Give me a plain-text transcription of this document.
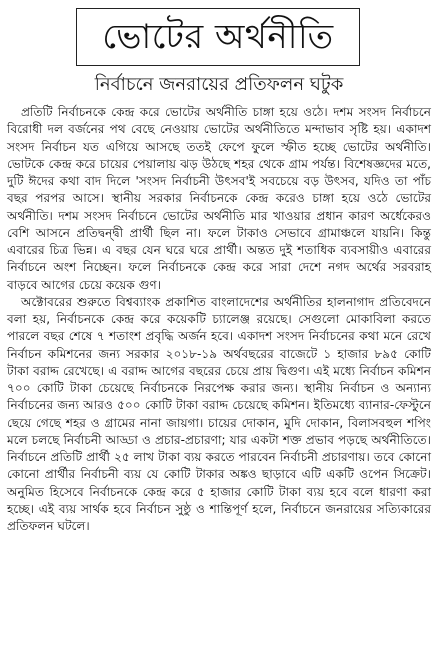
ভোটের অর্থনীতি
নির্বাচনে জনরায়ের প্রতিফলন ঘটুক

প্রতিটি নির্বাচনকে কেন্দ্র করে ভোটের অর্থনীতি চাঙ্গা হয়ে ওঠে। দশম সংসদ নির্বাচনে বিরোধী দল বর্জনের পথ বেছে নেওয়ায় ভোটের অর্থনীতিতে মন্দাভাব সৃষ্টি হয়। একাদশ সংসদ নির্বাচন যত এগিয়ে আসছে ততই ফেপে ফুলে স্ফীত হচ্ছে ভোটের অর্থনীতি। ভোটকে কেন্দ্র করে চায়ের পেয়ালায় ঝড় উঠছে শহর থেকে গ্রাম পর্যন্ত। বিশেষজ্ঞদের মতে, দুটি ঈদের কথা বাদ দিলে 'সংসদ নির্বাচনী উৎসব'ই সবচেয়ে বড় উৎসব, যদিও তা পাঁচ বছর পরপর আসে। স্থানীয় সরকার নির্বাচনকে কেন্দ্র করেও চাঙ্গা হয়ে ওঠে ভোটের অর্থনীতি। দশম সংসদ নির্বাচনে ভোটের অর্থনীতি মার খাওয়ার প্রধান কারণ অর্ধেকেরও বেশি আসনে প্রতিদ্বন্দ্বী প্রার্থী ছিল না। ফলে টাকাও সেভাবে গ্রামাঞ্চলে যায়নি। কিন্তু এবারের চিত্র ভিন্ন। এ বছর যেন ঘরে ঘরে প্রার্থী। অন্তত দুই শতাধিক ব্যবসায়ীও এবারের নির্বাচনে অংশ নিচ্ছেন। ফলে নির্বাচনকে কেন্দ্র করে সারা দেশে নগদ অর্থের সরবরাহ বাড়বে আগের চেয়ে কয়েক গুণ।

অক্টোবরের শুরুতে বিশ্বব্যাংক প্রকাশিত বাংলাদেশের অর্থনীতির হালনাগাদ প্রতিবেদনে বলা হয়, নির্বাচনকে কেন্দ্র করে কয়েকটি চ্যালেঞ্জ রয়েছে। সেগুলো মোকাবিলা করতে পারলে বছর শেষে ৭ শতাংশ প্রবৃদ্ধি অর্জন হবে। একাদশ সংসদ নির্বাচনের কথা মনে রেখে নির্বাচন কমিশনের জন্য সরকার ২০১৮-১৯ অর্থবছরের বাজেটে ১ হাজার ৮৯৫ কোটি টাকা বরাদ্দ রেখেছে। এ বরাদ্দ আগের বছরের চেয়ে প্রায় দ্বিগুণ। এই মধ্যে নির্বাচন কমিশন ৭০০ কোটি টাকা চেয়েছে নির্বাচনকে নিরপেক্ষ করার জন্য। স্থানীয় নির্বাচন ও অন্যান্য নির্বাচনের জন্য আরও ৫০০ কোটি টাকা বরাদ্দ চেয়েছে কমিশন। ইতিমধ্যে ব্যানার-ফেস্টুনে ছেয়ে গেছে শহর ও গ্রামের নানা জায়গা। চায়ের দোকান, মুদি দোকান, বিলাসবহুল শপিং মলে চলছে নির্বাচনী আড্ডা ও প্রচার-প্রচারণা; যার একটা শক্ত প্রভাব পড়ছে অর্থনীতিতে। নির্বাচনে প্রতিটি প্রার্থী ২৫ লাখ টাকা ব্যয় করতে পারবেন নির্বাচনী প্রচারণায়। তবে কোনো কোনো প্রার্থীর নির্বাচনী ব্যয় যে কোটি টাকার অঙ্কও ছাড়াবে এটি একটি ওপেন সিক্রেট। অনুমিত হিসেবে নির্বাচনকে কেন্দ্র করে ৫ হাজার কোটি টাকা ব্যয় হবে বলে ধারণা করা হচ্ছে। এই ব্যয় সার্থক হবে নির্বাচন সুষ্ঠু ও শান্তিপূর্ণ হলে, নির্বাচনে জনরায়ের সত্যিকারের প্রতিফলন ঘটলে।
